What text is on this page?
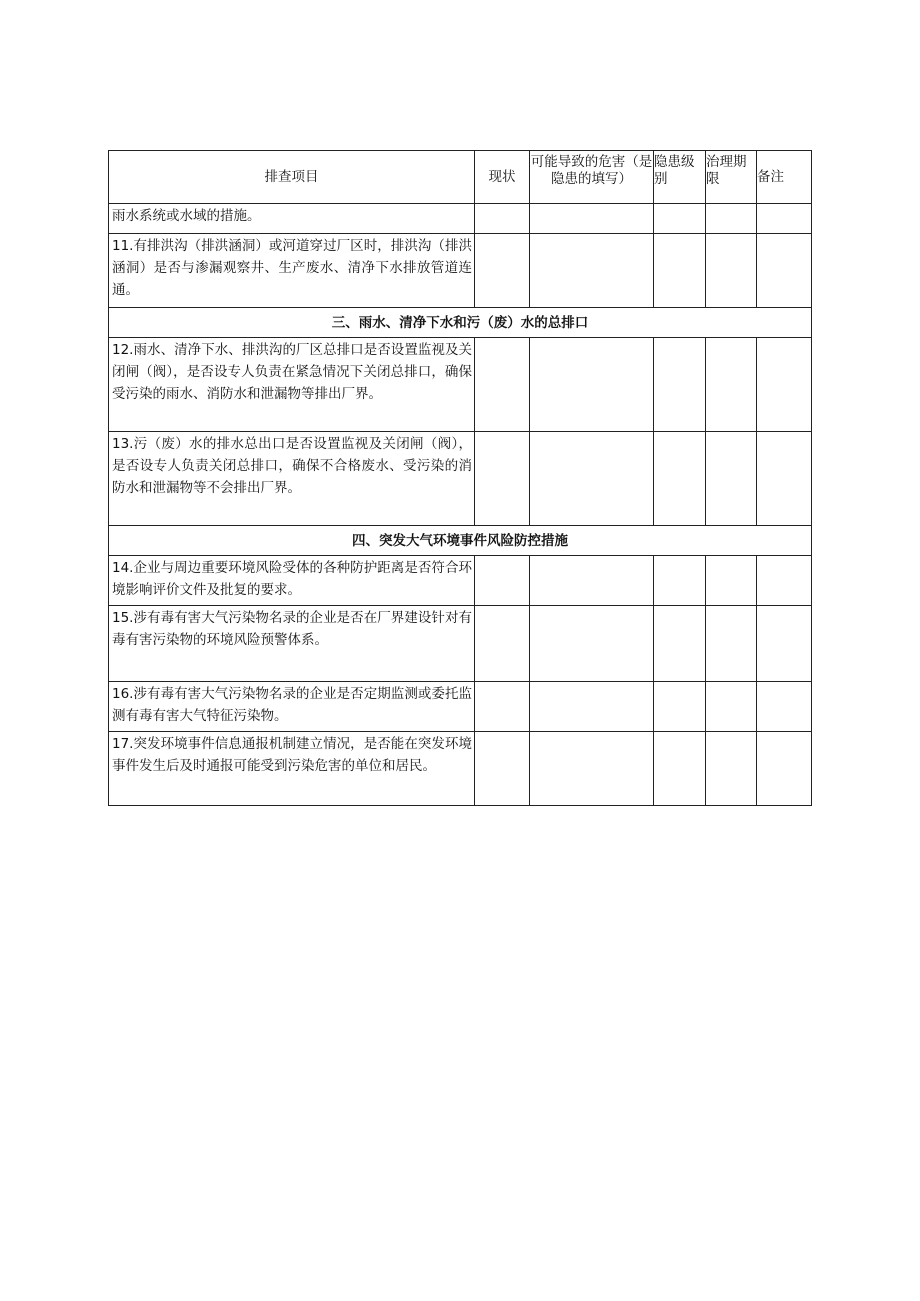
排查项目	现状	可能导致的危害（是隐患的填写）	隐患级别	治理期限	备注
雨水系统或水域的措施。					
11.有排洪沟（排洪涵洞）或河道穿过厂区时，排洪沟（排洪涵洞）是否与渗漏观察井、生产废水、清净下水排放管道连通。					
三、雨水、清净下水和污（废）水的总排口					
12.雨水、清净下水、排洪沟的厂区总排口是否设置监视及关闭闸（阀），是否设专人负责在紧急情况下关闭总排口，确保受污染的雨水、消防水和泄漏物等排出厂界。					
13.污（废）水的排水总出口是否设置监视及关闭闸（阀），是否设专人负责关闭总排口，确保不合格废水、受污染的消防水和泄漏物等不会排出厂界。					
四、突发大气环境事件风险防控措施					
14.企业与周边重要环境风险受体的各种防护距离是否符合环境影响评价文件及批复的要求。					
15.涉有毒有害大气污染物名录的企业是否在厂界建设针对有毒有害污染物的环境风险预警体系。					
16.涉有毒有害大气污染物名录的企业是否定期监测或委托监测有毒有害大气特征污染物。					
17.突发环境事件信息通报机制建立情况，是否能在突发环境事件发生后及时通报可能受到污染危害的单位和居民。					
